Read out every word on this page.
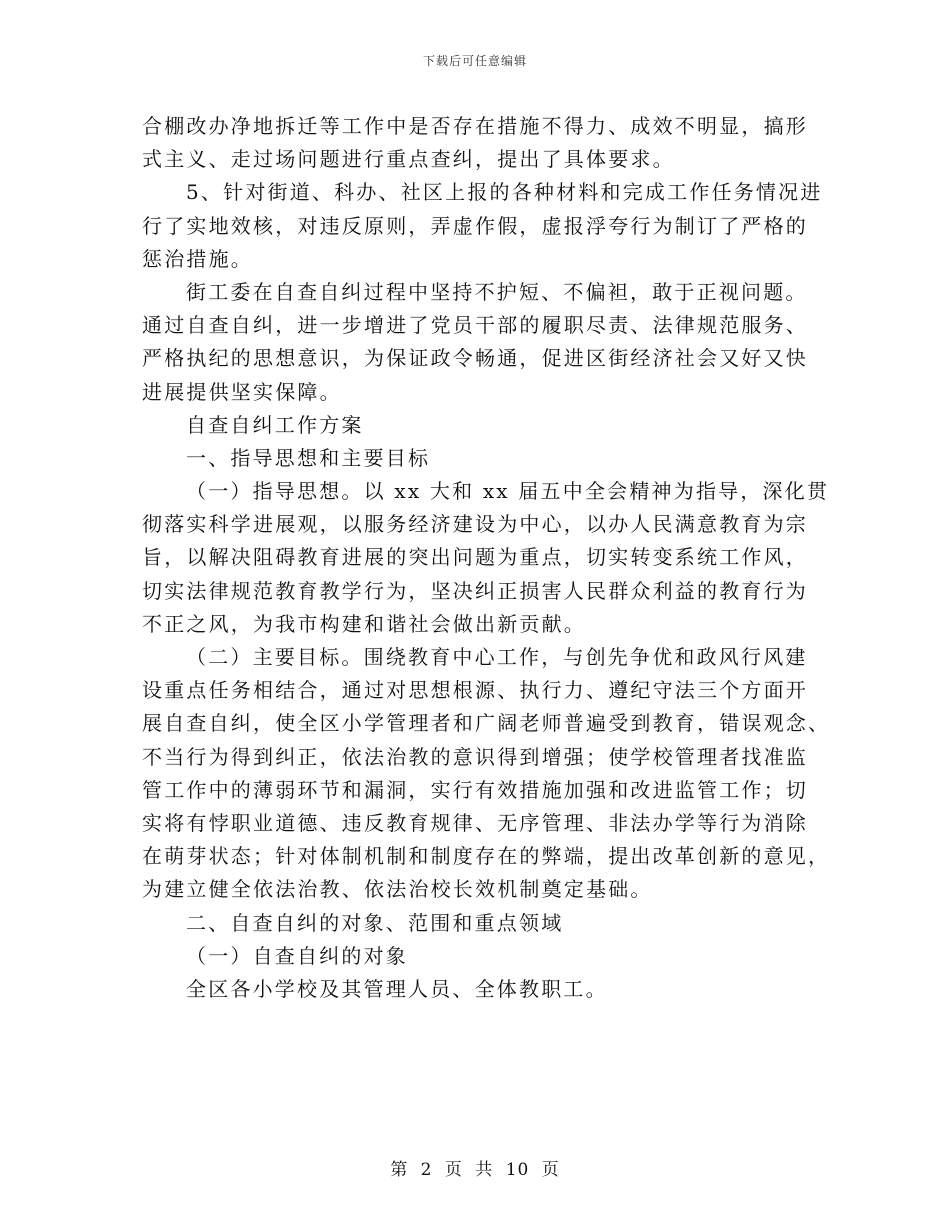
下载后可任意编辑
合棚改办净地拆迁等工作中是否存在措施不得力、成效不明显，搞形
式主义、走过场问题进行重点查纠，提出了具体要求。
5、针对街道、科办、社区上报的各种材料和完成工作任务情况进
行了实地效核，对违反原则，弄虚作假，虚报浮夸行为制订了严格的
惩治措施。
街工委在自查自纠过程中坚持不护短、不偏袒，敢于正视问题。
通过自查自纠，进一步增进了党员干部的履职尽责、法律规范服务、
严格执纪的思想意识，为保证政令畅通，促进区街经济社会又好又快
进展提供坚实保障。
自查自纠工作方案
一、指导思想和主要目标
（一）指导思想。以 xx 大和 xx 届五中全会精神为指导，深化贯
彻落实科学进展观，以服务经济建设为中心，以办人民满意教育为宗
旨，以解决阻碍教育进展的突出问题为重点，切实转变系统工作风，
切实法律规范教育教学行为，坚决纠正损害人民群众利益的教育行为
不正之风，为我市构建和谐社会做出新贡献。
（二）主要目标。围绕教育中心工作，与创先争优和政风行风建
设重点任务相结合，通过对思想根源、执行力、遵纪守法三个方面开
展自查自纠，使全区小学管理者和广阔老师普遍受到教育，错误观念、
不当行为得到纠正，依法治教的意识得到增强；使学校管理者找准监
管工作中的薄弱环节和漏洞，实行有效措施加强和改进监管工作；切
实将有悖职业道德、违反教育规律、无序管理、非法办学等行为消除
在萌芽状态；针对体制机制和制度存在的弊端，提出改革创新的意见，
为建立健全依法治教、依法治校长效机制奠定基础。
二、自查自纠的对象、范围和重点领域
（一）自查自纠的对象
全区各小学校及其管理人员、全体教职工。
第 2 页 共 10 页
